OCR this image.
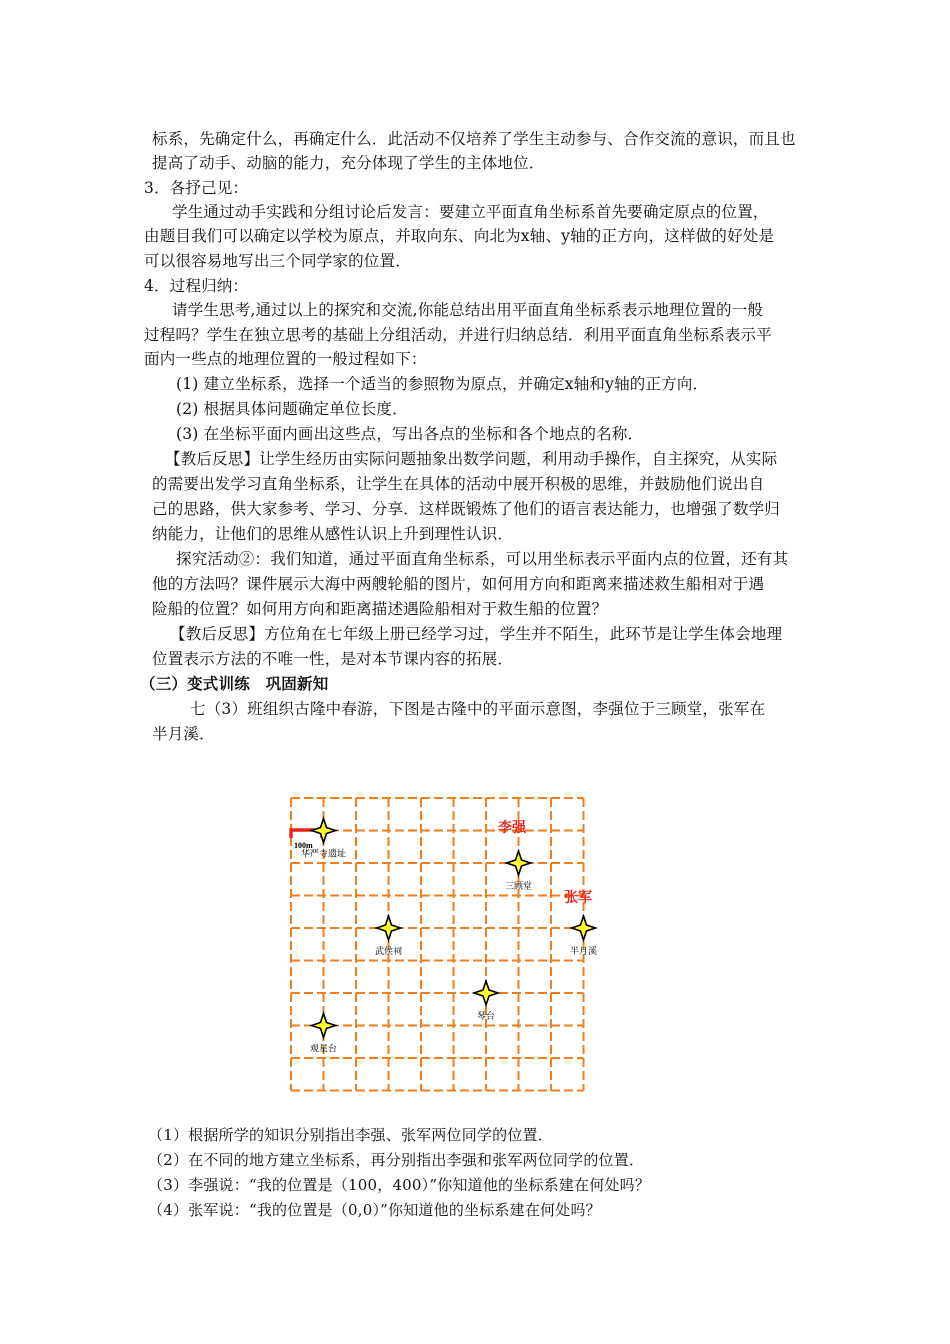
标系，先确定什么，再确定什么．此活动不仅培养了学生主动参与、合作交流的意识，而且也
提高了动手、动脑的能力，充分体现了学生的主体地位．
3．各抒己见：
学生通过动手实践和分组讨论后发言：要建立平面直角坐标系首先要确定原点的位置，
由题目我们可以确定以学校为原点，并取向东、向北为x轴、y轴的正方向，这样做的好处是
可以很容易地写出三个同学家的位置．
4．过程归纳：
请学生思考,通过以上的探究和交流,你能总结出用平面直角坐标系表示地理位置的一般
过程吗？学生在独立思考的基础上分组活动，并进行归纳总结．利用平面直角坐标系表示平
面内一些点的地理位置的一般过程如下：
(1) 建立坐标系，选择一个适当的参照物为原点，并确定x轴和y轴的正方向．
(2) 根据具体问题确定单位长度．
(3) 在坐标平面内画出这些点，写出各点的坐标和各个地点的名称．
【教后反思】让学生经历由实际问题抽象出数学问题，利用动手操作，自主探究，从实际
的需要出发学习直角坐标系，让学生在具体的活动中展开积极的思维，并鼓励他们说出自
己的思路，供大家参考、学习、分享．这样既锻炼了他们的语言表达能力，也增强了数学归
纳能力，让他们的思维从感性认识上升到理性认识．
探究活动②：我们知道，通过平面直角坐标系，可以用坐标表示平面内点的位置，还有其
他的方法吗？课件展示大海中两艘轮船的图片，如何用方向和距离来描述救生船相对于遇
险船的位置？如何用方向和距离描述遇险船相对于救生船的位置？
【教后反思】方位角在七年级上册已经学习过，学生并不陌生，此环节是让学生体会地理
位置表示方法的不唯一性，是对本节课内容的拓展．
（三）变式训练　巩固新知
七（3）班组织古隆中春游，下图是古隆中的平面示意图，李强位于三顾堂，张军在
半月溪．
100m
华严寺遗址
三顾堂
半月溪
武侯祠
琴台
观星台
李强
张军
（1）根据所学的知识分别指出李强、张军两位同学的位置．
（2）在不同的地方建立坐标系，再分别指出李强和张军两位同学的位置．
（3）李强说：“我的位置是（100，400）”你知道他的坐标系建在何处吗？
（4）张军说：“我的位置是（0,0）”你知道他的坐标系建在何处吗？
